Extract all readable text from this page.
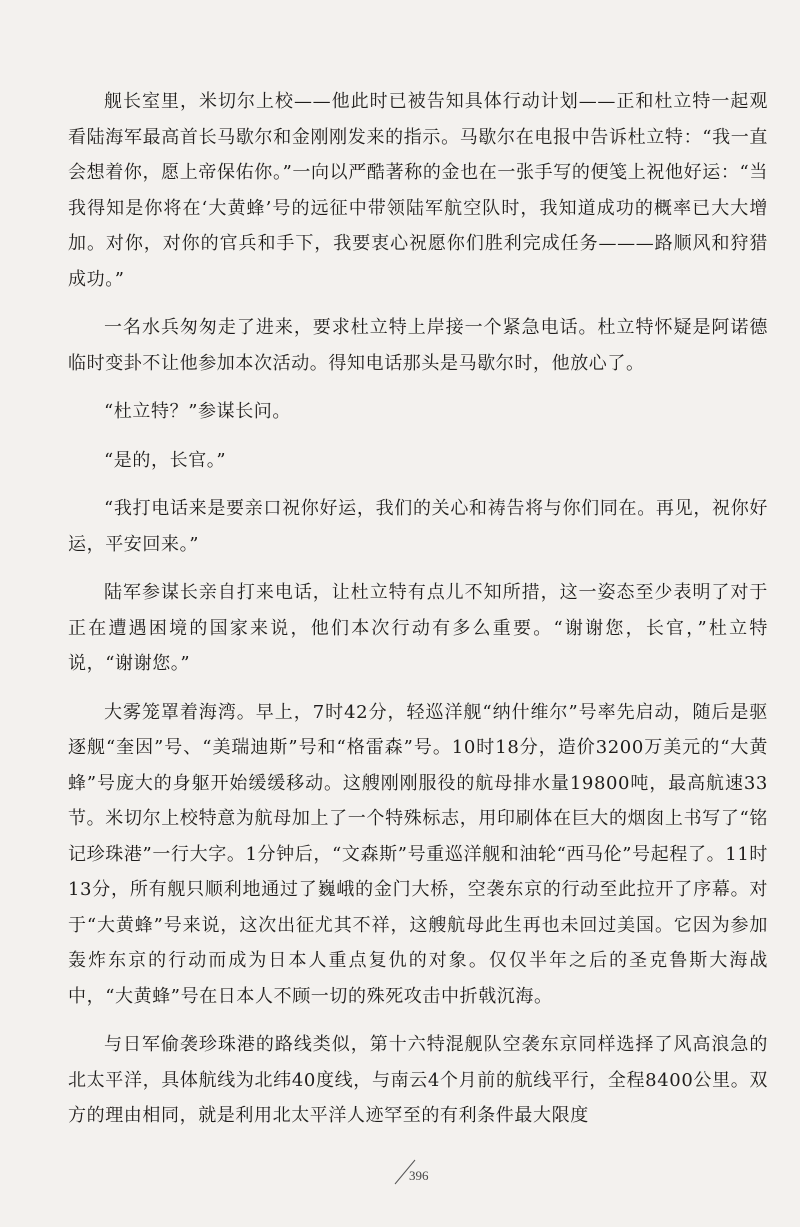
舰长室里，米切尔上校——他此时已被告知具体行动计划——正和杜立特一起观看陆海军最高首长马歇尔和金刚刚发来的指示。马歇尔在电报中告诉杜立特：“我一直会想着你，愿上帝保佑你。”一向以严酷著称的金也在一张手写的便笺上祝他好运：“当我得知是你将在‘大黄蜂’号的远征中带领陆军航空队时，我知道成功的概率已大大增加。对你，对你的官兵和手下，我要衷心祝愿你们胜利完成任务———路顺风和狩猎成功。”

一名水兵匆匆走了进来，要求杜立特上岸接一个紧急电话。杜立特怀疑是阿诺德临时变卦不让他参加本次活动。得知电话那头是马歇尔时，他放心了。

“杜立特？”参谋长问。

“是的，长官。”

“我打电话来是要亲口祝你好运，我们的关心和祷告将与你们同在。再见，祝你好运，平安回来。”

陆军参谋长亲自打来电话，让杜立特有点儿不知所措，这一姿态至少表明了对于正在遭遇困境的国家来说，他们本次行动有多么重要。“谢谢您，长官，”杜立特说，“谢谢您。”

大雾笼罩着海湾。早上，7时42分，轻巡洋舰“纳什维尔”号率先启动，随后是驱逐舰“奎因”号、“美瑞迪斯”号和“格雷森”号。10时18分，造价3200万美元的“大黄蜂”号庞大的身躯开始缓缓移动。这艘刚刚服役的航母排水量19800吨，最高航速33节。米切尔上校特意为航母加上了一个特殊标志，用印刷体在巨大的烟囱上书写了“铭记珍珠港”一行大字。1分钟后，“文森斯”号重巡洋舰和油轮“西马伦”号起程了。11时13分，所有舰只顺利地通过了巍峨的金门大桥，空袭东京的行动至此拉开了序幕。对于“大黄蜂”号来说，这次出征尤其不祥，这艘航母此生再也未回过美国。它因为参加轰炸东京的行动而成为日本人重点复仇的对象。仅仅半年之后的圣克鲁斯大海战中，“大黄蜂”号在日本人不顾一切的殊死攻击中折戟沉海。

与日军偷袭珍珠港的路线类似，第十六特混舰队空袭东京同样选择了风高浪急的北太平洋，具体航线为北纬40度线，与南云4个月前的航线平行，全程8400公里。双方的理由相同，就是利用北太平洋人迹罕至的有利条件最大限度

396
